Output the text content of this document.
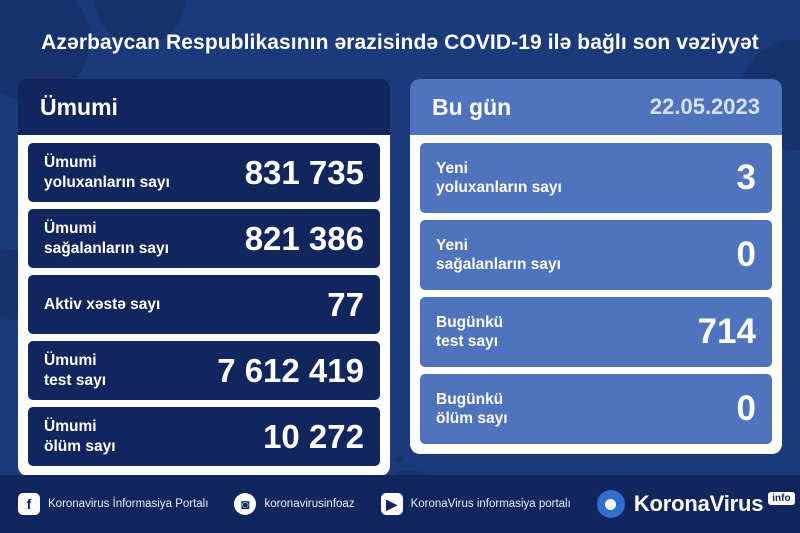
Azərbaycan Respublikasının ərazisində COVID-19 ilə bağlı son vəziyyət
Ümumi
Ümumi
yoluxanların sayı 831 735
Ümumi
sağalanların sayı 821 386
Aktiv xəstə sayı	77
Ümumi
test sayı	7 612 419
Ümumi
ölüm sayı	10 272
Bu gün	22.05.2023
Yeni
yoluxanların sayı	3
Yeni
sağalanların sayı	0
Bugünkü
test sayı	714
Bugünkü
ölüm sayı	0
f	Koronavirus İnformasiya Portalı	◙	koronavirusinfoaz	▶	KoronaVirus informasiya portalı	KoronaVirus info
